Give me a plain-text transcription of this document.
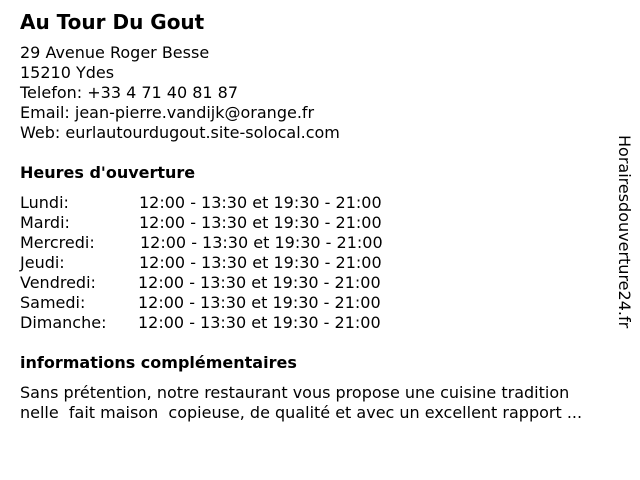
Au Tour Du Gout
29 Avenue Roger Besse
15210 Ydes
Telefon: +33 4 71 40 81 87
Email: jean-pierre.vandijk@orange.fr
Web: eurlautourdugout.site-solocal.com
Heures d'ouverture
Lundi:	12:00 - 13:30 et 19:30 - 21:00
Mardi:	12:00 - 13:30 et 19:30 - 21:00
Mercredi:	12:00 - 13:30 et 19:30 - 21:00
Jeudi:	12:00 - 13:30 et 19:30 - 21:00
Vendredi:	12:00 - 13:30 et 19:30 - 21:00
Samedi:	12:00 - 13:30 et 19:30 - 21:00
Dimanche: 12:00 - 13:30 et 19:30 - 21:00
informations complémentaires
Sans prétention, notre restaurant vous propose une cuisine tradition
nelle  fait maison  copieuse, de qualité et avec un excellent rapport ...
Horairesdouverture24.fr
